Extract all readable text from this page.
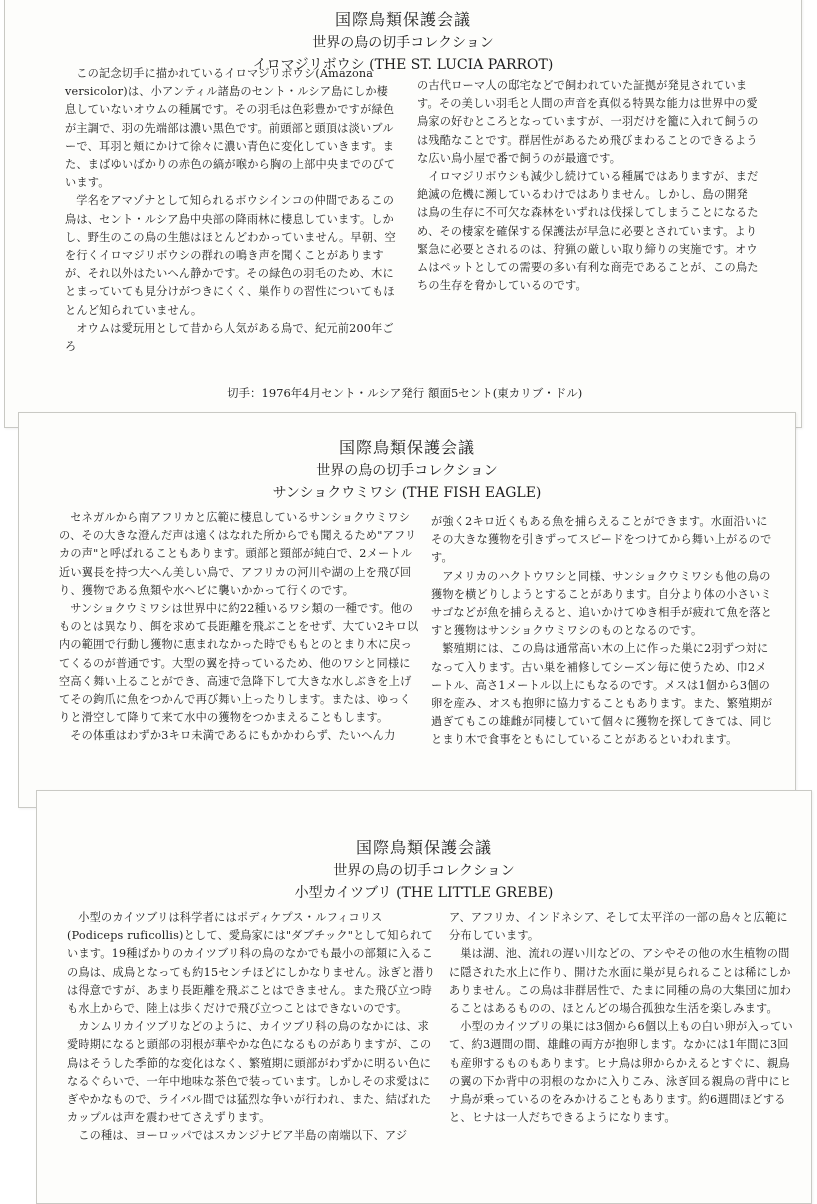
国際鳥類保護会議
世界の鳥の切手コレクション
イロマジリボウシ (THE ST. LUCIA PARROT)

この記念切手に描かれているイロマジリボウシ(Amazona versicolor)は、小アンティル諸島のセント・ルシア島にしか棲息していないオウムの種属です。その羽毛は色彩豊かですが緑色が主調で、羽の先端部は濃い黒色です。前頭部と頭頂は淡いブルーで、耳羽と頬にかけて徐々に濃い青色に変化していきます。また、まばゆいばかりの赤色の縞が喉から胸の上部中央までのびています。

学名をアマゾナとして知られるボウシインコの仲間であるこの鳥は、セント・ルシア島中央部の降雨林に棲息しています。しかし、野生のこの鳥の生態はほとんどわかっていません。早朝、空を行くイロマジリボウシの群れの鳴き声を聞くことがありますが、それ以外はたいへん静かです。その緑色の羽毛のため、木にとまっていても見分けがつきにくく、巣作りの習性についてもほとんど知られていません。

オウムは愛玩用として昔から人気がある鳥で、紀元前200年ごろ

の古代ローマ人の邸宅などで飼われていた証拠が発見されています。その美しい羽毛と人間の声音を真似る特異な能力は世界中の愛鳥家の好むところとなっていますが、一羽だけを籠に入れて飼うのは残酷なことです。群居性があるため飛びまわることのできるような広い鳥小屋で番で飼うのが最適です。

イロマジリボウシも減少し続けている種属ではありますが、まだ絶滅の危機に瀕しているわけではありません。しかし、島の開発は鳥の生存に不可欠な森林をいずれは伐採してしまうことになるため、その棲家を確保する保護法が早急に必要とされています。より緊急に必要とされるのは、狩猟の厳しい取り締りの実施です。オウムはペットとしての需要の多い有利な商売であることが、この鳥たちの生存を脅かしているのです。

切手：1976年4月セント・ルシア発行 額面5セント(東カリブ・ドル)
国際鳥類保護会議
世界の鳥の切手コレクション
サンショクウミワシ (THE FISH EAGLE)

セネガルから南アフリカと広範に棲息しているサンショクウミワシの、その大きな澄んだ声は遠くはなれた所からでも聞えるため"アフリカの声"と呼ばれることもあります。頭部と頸部が純白で、2メートル近い翼長を持つ大へん美しい鳥で、アフリカの河川や湖の上を飛び回り、獲物である魚類や水ヘビに襲いかかって行くのです。

サンショクウミワシは世界中に約22種いるワシ類の一種です。他のものとは異なり、餌を求めて長距離を飛ぶことをせず、大てい2キロ以内の範囲で行動し獲物に恵まれなかった時でももとのとまり木に戻ってくるのが普通です。大型の翼を持っているため、他のワシと同様に空高く舞い上ることができ、高速で急降下して大きな水しぶきを上げてその鉤爪に魚をつかんで再び舞い上ったりします。または、ゆっくりと滑空して降りて来て水中の獲物をつかまえることもします。

その体重はわずか3キロ未満であるにもかかわらず、たいへん力

が強く2キロ近くもある魚を捕らえることができます。水面沿いにその大きな獲物を引きずってスピードをつけてから舞い上がるのです。

アメリカのハクトウワシと同様、サンショクウミワシも他の鳥の獲物を横どりしようとすることがあります。自分より体の小さいミサゴなどが魚を捕らえると、追いかけてゆき相手が疲れて魚を落とすと獲物はサンショクウミワシのものとなるのです。

繁殖期には、この鳥は通常高い木の上に作った巣に2羽ずつ対になって入ります。古い巣を補修してシーズン毎に使うため、巾2メートル、高さ1メートル以上にもなるのです。メスは1個から3個の卵を産み、オスも抱卵に協力することもあります。また、繁殖期が過ぎてもこの雄雌が同棲していて個々に獲物を探してきては、同じとまり木で食事をともにしていることがあるといわれます。

国際鳥類保護会議
世界の鳥の切手コレクション
小型カイツブリ (THE LITTLE GREBE)

小型のカイツブリは科学者にはポディケプス・ルフィコリス(Podiceps ruficollis)として、愛鳥家には"ダブチック"として知られています。19種ばかりのカイツブリ科の鳥のなかでも最小の部類に入るこの鳥は、成鳥となっても約15センチほどにしかなりません。泳ぎと潜りは得意ですが、あまり長距離を飛ぶことはできません。また飛び立つ時も水上からで、陸上は歩くだけで飛び立つことはできないのです。

カンムリカイツブリなどのように、カイツブリ科の鳥のなかには、求愛時期になると頭部の羽根が華やかな色になるものがありますが、この鳥はそうした季節的な変化はなく、繁殖期に頭部がわずかに明るい色になるぐらいで、一年中地味な茶色で装っています。しかしその求愛はにぎやかなもので、ライバル間では猛烈な争いが行われ、また、結ばれたカップルは声を震わせてさえずります。

この種は、ヨーロッパではスカンジナビア半島の南端以下、アジ

ア、アフリカ、インドネシア、そして太平洋の一部の島々と広範に分布しています。

巣は湖、池、流れの遅い川などの、アシやその他の水生植物の間に隠された水上に作り、開けた水面に巣が見られることは稀にしかありません。この鳥は非群居性で、たまに同種の鳥の大集団に加わることはあるものの、ほとんどの場合孤独な生活を楽しみます。

小型のカイツブリの巣には3個から6個以上もの白い卵が入っていて、約3週間の間、雄雌の両方が抱卵します。なかには1年間に3回も産卵するものもあります。ヒナ鳥は卵からかえるとすぐに、親鳥の翼の下か背中の羽根のなかに入りこみ、泳ぎ回る親鳥の背中にヒナ鳥が乗っているのをみかけることもあります。約6週間ほどすると、ヒナは一人だちできるようになります。
